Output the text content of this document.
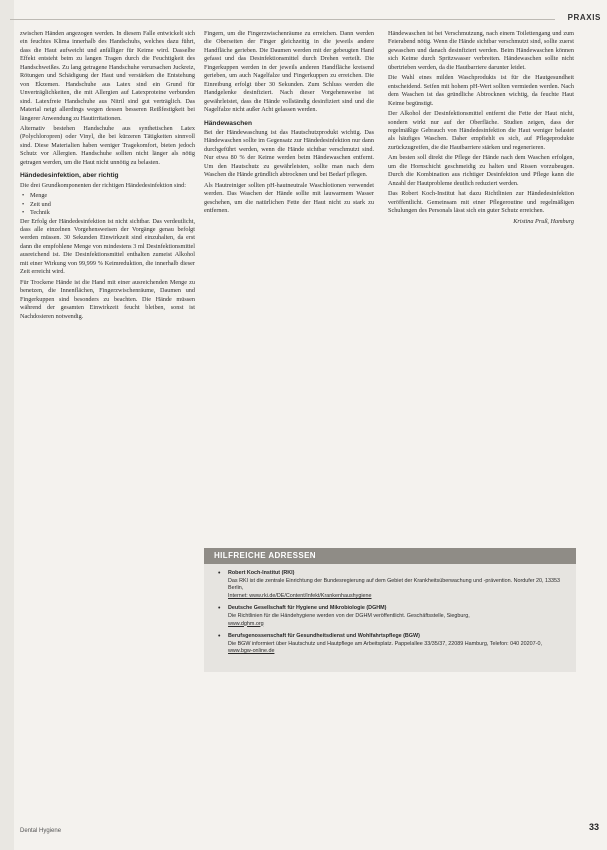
PRAXIS

zwischen Händen angezogen werden. In diesem Falle entwickelt sich ein feuchtes Klima innerhalb des Handschuhs, welches dazu führt, dass die Haut aufweicht und anfälliger für Keime wird. Dasselbe Effekt entsteht beim zu langen Tragen durch die Feuchtigkeit des Handschweißes. Zu lang getragene Handschuhe verursachen Juckreiz, Rötungen und Schädigung der Haut und verstärken die Entstehung von Ekzemen. Handschuhe aus Latex sind ein Grund für Unverträglichkeiten, die mit Allergien auf Latexproteine verbunden sind. Latexfreie Handschuhe aus Nitril sind gut verträglich. Das Material neigt allerdings wegen dessen besseren Reißfestigkeit bei längerer Anwendung zu Hautirritationen.

Alternativ bestehen Handschuhe aus synthetischen Latex (Polychloropren) oder Vinyl, die bei kürzeren Tätigkeiten sinnvoll sind. Diese Materialien haben weniger Tragekomfort, bieten jedoch Schutz vor Allergien. Handschuhe sollten nicht länger als nötig getragen werden, um die Haut nicht unnötig zu belasten.

Händedesinfektion, aber richtig

Die drei Grundkomponenten der richtigen Händedesinfektion sind:

• Menge
• Zeit und
• Technik

Der Erfolg der Händedesinfektion ist nicht sichtbar. Das verdeutlicht, dass alle einzelnen Vorgehensweisen der Vorgänge genau befolgt werden müssen. 30 Sekunden Einwirkzeit sind einzuhalten, da erst dann die empfohlene Menge von mindestens 3 ml Desinfektionsmittel ausreichend ist. Die Desinfektionsmittel enthalten zumeist Alkohol mit einer Wirkung von 99,999 % Keimreduktion, die innerhalb dieser Zeit erreicht wird.

Für Trockene Hände ist die Hand mit einer ausreichenden Menge zu benetzen, die Innenflächen, Fingerzwischenräume, Daumen und Fingerkuppen sind besonders zu beachten. Die Hände müssen während der gesamten Einwirkzeit feucht bleiben, sonst ist Nachdosieren notwendig.

Fingern, um die Fingerzwischenräume zu erreichen. Dann werden die Oberseiten der Finger gleichzeitig in die jeweils andere Handfläche gerieben. Die Daumen werden mit der gebeugten Hand gefasst und das Desinfektionsmittel durch Drehen verteilt. Die Fingerkuppen werden in der jeweils anderen Handfläche kreisend gerieben, um auch Nagelfalze und Fingerkuppen zu erreichen. Die Einreibung erfolgt über 30 Sekunden. Zum Schluss werden die Handgelenke desinfiziert. Nach dieser Vorgehensweise ist gewährleistet, dass die Hände vollständig desinfiziert sind und die Nagelfalze nicht außer Acht gelassen werden.

Händewaschen

Bei der Händewaschung ist das Hautschutzprodukt wichtig. Das Händewaschen sollte im Gegensatz zur Händedesinfektion nur dann durchgeführt werden, wenn die Hände sichtbar verschmutzt sind. Nur etwa 80 % der Keime werden beim Händewaschen entfernt. Um den Hautschutz zu gewährleisten, sollte man nach dem Waschen die Hände gründlich abtrocknen und bei Bedarf pflegen.

Als Hautreiniger sollten pH-hautneutrale Waschlotionen verwendet werden. Das Waschen der Hände sollte mit lauwarmem Wasser geschehen, um die natürlichen Fette der Haut nicht zu stark zu entfernen.

Händewaschen ist bei Verschmutzung, nach einem Toilettengang und zum Feierabend nötig. Wenn die Hände sichtbar verschmutzt sind, sollte zuerst gewaschen und danach desinfiziert werden. Beim Händewaschen können sich Keime durch Spritzwasser verbreiten. Händewaschen sollte nicht übertrieben werden, da die Hautbarriere darunter leidet.

Die Wahl eines milden Waschprodukts ist für die Hautgesundheit entscheidend. Seifen mit hohem pH-Wert sollten vermieden werden. Nach dem Waschen ist das gründliche Abtrocknen wichtig, da feuchte Haut Keime begünstigt.

Der Alkohol der Desinfektionsmittel entfernt die Fette der Haut nicht, sondern wirkt nur auf der Oberfläche. Studien zeigen, dass der regelmäßige Gebrauch von Händedesinfektion die Haut weniger belastet als häufiges Waschen. Daher empfiehlt es sich, auf Pflegeprodukte zurückzugreifen, die die Hautbarriere stärken und regenerieren.

Am besten soll direkt die Pflege der Hände nach dem Waschen erfolgen, um die Hornschicht geschmeidig zu halten und Rissen vorzubeugen. Durch die Kombination aus richtiger Desinfektion und Pflege kann die Anzahl der Hautprobleme deutlich reduziert werden.

Das Robert Koch-Institut hat dazu Richtlinien zur Händedesinfektion veröffentlicht. Gemeinsam mit einer Pflegeroutine und regelmäßigen Schulungen des Personals lässt sich ein guter Schutz erreichen.

Kristina Pruß, Hamburg
HILFREICHE ADRESSEN
• Robert Koch-Institut (RKI)
Das RKI ist die zentrale Einrichtung der Bundesregierung auf dem Gebiet der Krankheitsüberwachung und -prävention. Nordufer 20, 13353 Berlin,
Internet: www.rki.de/DE/Content/Infekt/Krankenhaushygiene
• Deutsche Gesellschaft für Hygiene und Mikrobiologie (DGHM)
Die Richtlinien für die Händehygiene werden von der DGHM veröffentlicht. Geschäftsstelle, Siegburg,
www.dghm.org
• Berufsgenossenschaft für Gesundheitsdienst und Wohlfahrtspflege (BGW)
Die BGW informiert über Hautschutz und Hautpflege am Arbeitsplatz. Pappelallee 33/35/37, 22089 Hamburg, Telefon: 040 20207-0,
www.bgw-online.de
Dental Hygiene	33
